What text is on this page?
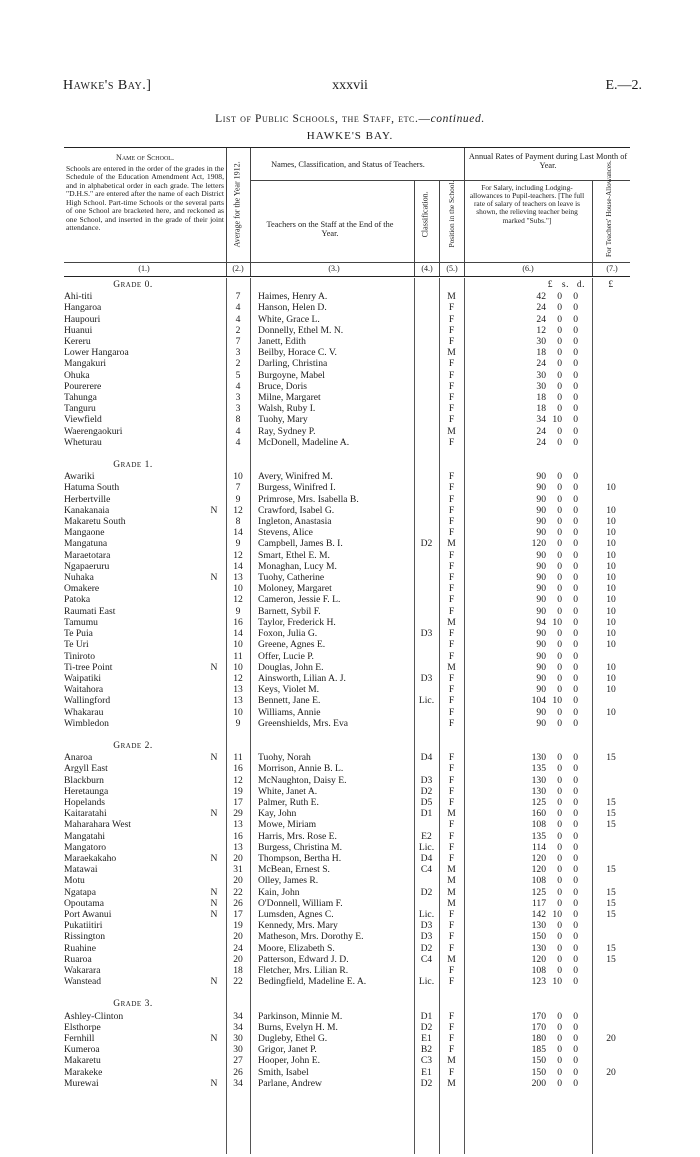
Hawke's Bay.]	xxxvii	E.—2.
List of Public Schools, the Staff, etc.—continued.
HAWKE'S BAY.
Name of School.
Schools are entered in the order of the grades in the Schedule of the Education Amendment Act, 1908, and in alphabetical order in each grade. The letters "D.H.S." are entered after the name of each District High School. Part-time Schools or the several parts of one School are bracketed here, and reckoned as one School, and inserted in the grade of their joint attendance.	Average for the Year 1912.	Names, Classification, and Status of Teachers.
Teachers on the Staff at the End of the Year.	Classification. Position in the School.
Annual Rates of Payment during Last Month of Year.
For Salary, including Lodging-allowances to Pupil-teachers. [The full rate of salary of teachers on leave is shown, the relieving teacher being marked "Subs."]	For Teachers' House-Allowances.
(1.)	(2.)	(3.)	(4.)	(5.)	(6.)	(7.)
Grade 0.						£ s. d.	£
Ahi-titi		7	Haimes, Henry A.		M	42 0 0	
Hangaroa		4	Hanson, Helen D.		F	24 0 0	
Haupouri		4	White, Grace L.		F	24 0 0	
Huanui		2	Donnelly, Ethel M. N.		F	12 0 0	
Kereru		7	Janett, Edith		F	30 0 0	
Lower Hangaroa		3	Beilby, Horace C. V.		M	18 0 0	
Mangakuri		2	Darling, Christina		F	24 0 0	
Ohuka		5	Burgoyne, Mabel		F	30 0 0	
Pourerere		4	Bruce, Doris		F	30 0 0	
Tahunga		3	Milne, Margaret		F	18 0 0	
Tanguru		3	Walsh, Ruby I.		F	18 0 0	
Viewfield		8	Tuohy, Mary		F	34 10 0	
Waerengaokuri		4	Ray, Sydney P.		M	24 0 0	
Wheturau		4	McDonell, Madeline A.		F	24 0 0	

Grade 1.							
Awariki		10	Avery, Winifred M.		F	90 0 0	
Hatuma South		7	Burgess, Winifred I.		F	90 0 0	10
Herbertville		9	Primrose, Mrs. Isabella B.		F	90 0 0	
Kanakanaia	N	12	Crawford, Isabel G.		F	90 0 0	10
Makaretu South		8	Ingleton, Anastasia		F	90 0 0	10
Mangaone		14	Stevens, Alice		F	90 0 0	10
Mangatuna		9	Campbell, James B. I.	D2	M	120 0 0	10
Maraetotara		12	Smart, Ethel E. M.		F	90 0 0	10
Ngapaeruru		14	Monaghan, Lucy M.		F	90 0 0	10
Nuhaka	N	13	Tuohy, Catherine		F	90 0 0	10
Omakere		10	Moloney, Margaret		F	90 0 0	10
Patoka		12	Cameron, Jessie F. L.		F	90 0 0	10
Raumati East		9	Barnett, Sybil F.		F	90 0 0	10
Tamumu		16	Taylor, Frederick H.		M	94 10 0	10
Te Puia		14	Foxon, Julia G.	D3	F	90 0 0	10
Te Uri		10	Greene, Agnes E.		F	90 0 0	10
Tiniroto		11	Offer, Lucie P.		F	90 0 0	
Ti-tree Point	N	10	Douglas, John E.		M	90 0 0	10
Waipatiki		12	Ainsworth, Lilian A. J.	D3	F	90 0 0	10
Waitahora		13	Keys, Violet M.		F	90 0 0	10
Wallingford		13	Bennett, Jane E.	Lic.	F	104 10 0	
Whakarau		10	Williams, Annie		F	90 0 0	10
Wimbledon		9	Greenshields, Mrs. Eva		F	90 0 0	

Grade 2.							
Anaroa	N	11	Tuohy, Norah	D4	F	130 0 0	15
Argyll East		16	Morrison, Annie B. L.		F	135 0 0	
Blackburn		12	McNaughton, Daisy E.	D3	F	130 0 0	
Heretaunga		19	White, Janet A.	D2	F	130 0 0	
Hopelands		17	Palmer, Ruth E.	D5	F	125 0 0	15
Kaitaratahi	N	29	Kay, John	D1	M	160 0 0	15
Maharahara West		13	Mowe, Miriam		F	108 0 0	15
Mangatahi		16	Harris, Mrs. Rose E.	E2	F	135 0 0	
Mangatoro		13	Burgess, Christina M.	Lic.	F	114 0 0	
Maraekakaho	N	20	Thompson, Bertha H.	D4	F	120 0 0	
Matawai		31	McBean, Ernest S.	C4	M	120 0 0	15
Motu		20	Olley, James R.		M	108 0 0	
Ngatapa	N	22	Kain, John	D2	M	125 0 0	15
Opoutama	N	26	O'Donnell, William F.		M	117 0 0	15
Port Awanui	N	17	Lumsden, Agnes C.	Lic.	F	142 10 0	15
Pukatiitiri		19	Kennedy, Mrs. Mary	D3	F	130 0 0	
Rissington		20	Matheson, Mrs. Dorothy E.	D3	F	150 0 0	
Ruahine		24	Moore, Elizabeth S.	D2	F	130 0 0	15
Ruaroa		20	Patterson, Edward J. D.	C4	M	120 0 0	15
Wakarara		18	Fletcher, Mrs. Lilian R.		F	108 0 0	
Wanstead	N	22	Bedingfield, Madeline E. A.	Lic.	F	123 10 0	

Grade 3.							
Ashley-Clinton		34	Parkinson, Minnie M.	D1	F	170 0 0	
Elsthorpe		34	Burns, Evelyn H. M.	D2	F	170 0 0	
Fernhill	N	30	Dugleby, Ethel G.	E1	F	180 0 0	20
Kumeroa		30	Grigor, Janet P.	B2	F	185 0 0	
Makaretu		27	Hooper, John E.	C3	M	150 0 0	
Marakeke		26	Smith, Isabel	E1	F	150 0 0	20
Murewai	N	34	Parlane, Andrew	D2	M	200 0 0	
